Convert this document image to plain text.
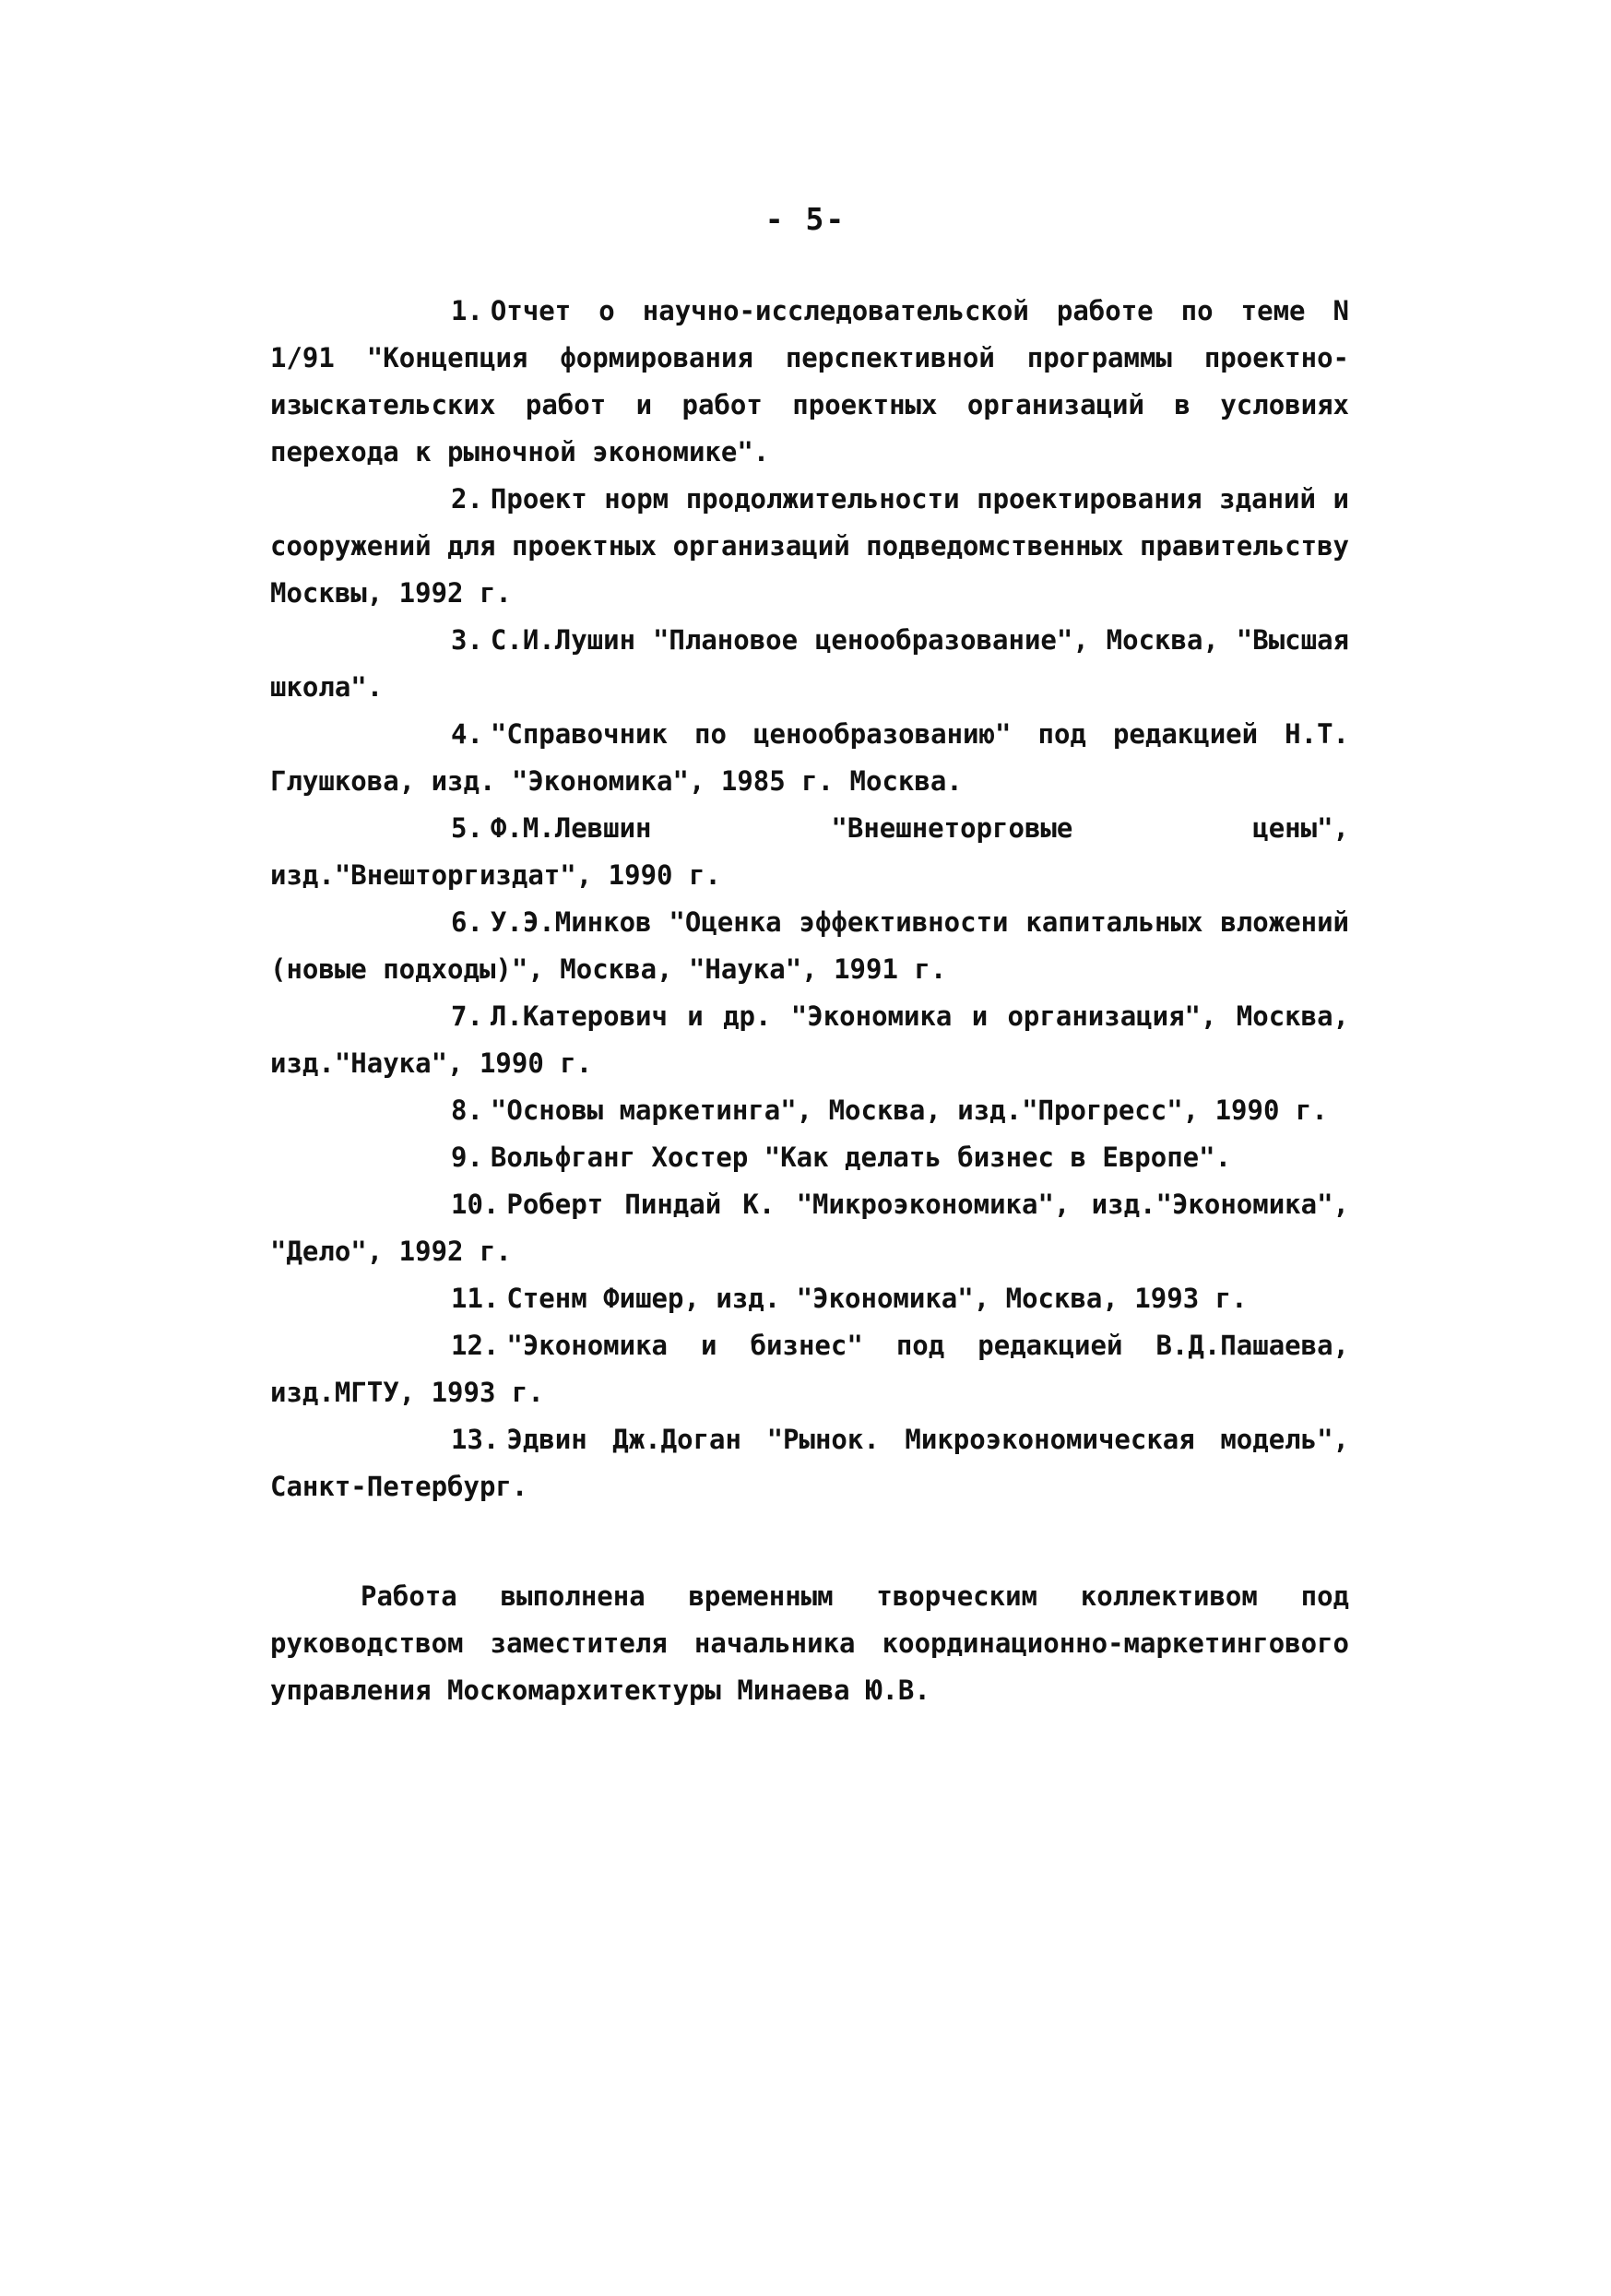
- 5-

1. Отчет о научно-исследовательской работе по теме N 1/91 "Концепция формирования перспективной программы проектно-изыскательских работ и работ проектных организаций в условиях перехода к рыночной экономике".

2. Проект норм продолжительности проектирования зданий и сооружений для проектных организаций подведомственных правительству Москвы, 1992 г.

3. С.И.Лушин "Плановое ценообразование", Москва, "Высшая школа".

4. "Справочник по ценообразованию" под редакцией Н.Т. Глушкова, изд. "Экономика", 1985 г. Москва.

5. Ф.М.Левшин "Внешнеторговые цены", изд."Внешторгиздат", 1990 г.

6. У.Э.Минков "Оценка эффективности капитальных вложений (новые подходы)", Москва, "Наука", 1991 г.

7. Л.Катерович и др. "Экономика и организация", Москва, изд."Наука", 1990 г.

8. "Основы маркетинга", Москва, изд."Прогресс", 1990 г.

9. Вольфганг Хостер "Как делать бизнес в Европе".

10. Роберт Пиндай К. "Микроэкономика", изд."Экономика", "Дело", 1992 г.

11. Стенм Фишер, изд. "Экономика", Москва, 1993 г.

12. "Экономика и бизнес" под редакцией В.Д.Пашаева, изд.МГТУ, 1993 г.

13. Эдвин Дж.Доган "Рынок. Микроэкономическая модель", Санкт-Петербург.

Работа выполнена временным творческим коллективом под руководством заместителя начальника координационно-маркетингового управления Москомархитектуры Минаева Ю.В.
